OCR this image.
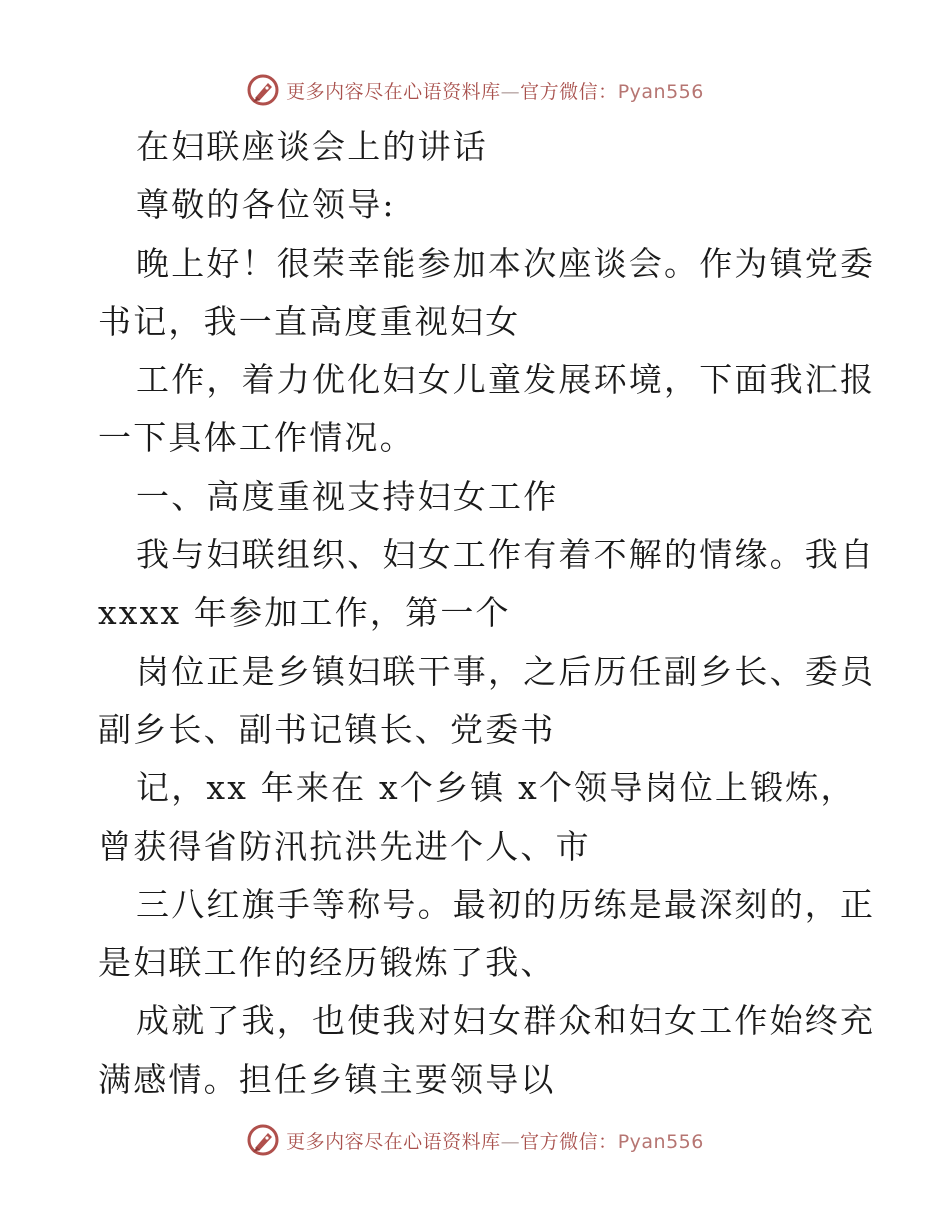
更多内容尽在心语资料库—官方微信：Pyan556
在妇联座谈会上的讲话
尊敬的各位领导:
晚上好！很荣幸能参加本次座谈会。作为镇党委
书记，我一直高度重视妇女
工作，着力优化妇女儿童发展环境，下面我汇报
一下具体工作情况。
一、高度重视支持妇女工作
我与妇联组织、妇女工作有着不解的情缘。我自
xxxx 年参加工作，第一个
岗位正是乡镇妇联干事，之后历任副乡长、委员
副乡长、副书记镇长、党委书
记，xx 年来在 x个乡镇 x个领导岗位上锻炼，
曾获得省防汛抗洪先进个人、市
三八红旗手等称号。最初的历练是最深刻的，正
是妇联工作的经历锻炼了我、
成就了我，也使我对妇女群众和妇女工作始终充
满感情。担任乡镇主要领导以
更多内容尽在心语资料库—官方微信：Pyan556
